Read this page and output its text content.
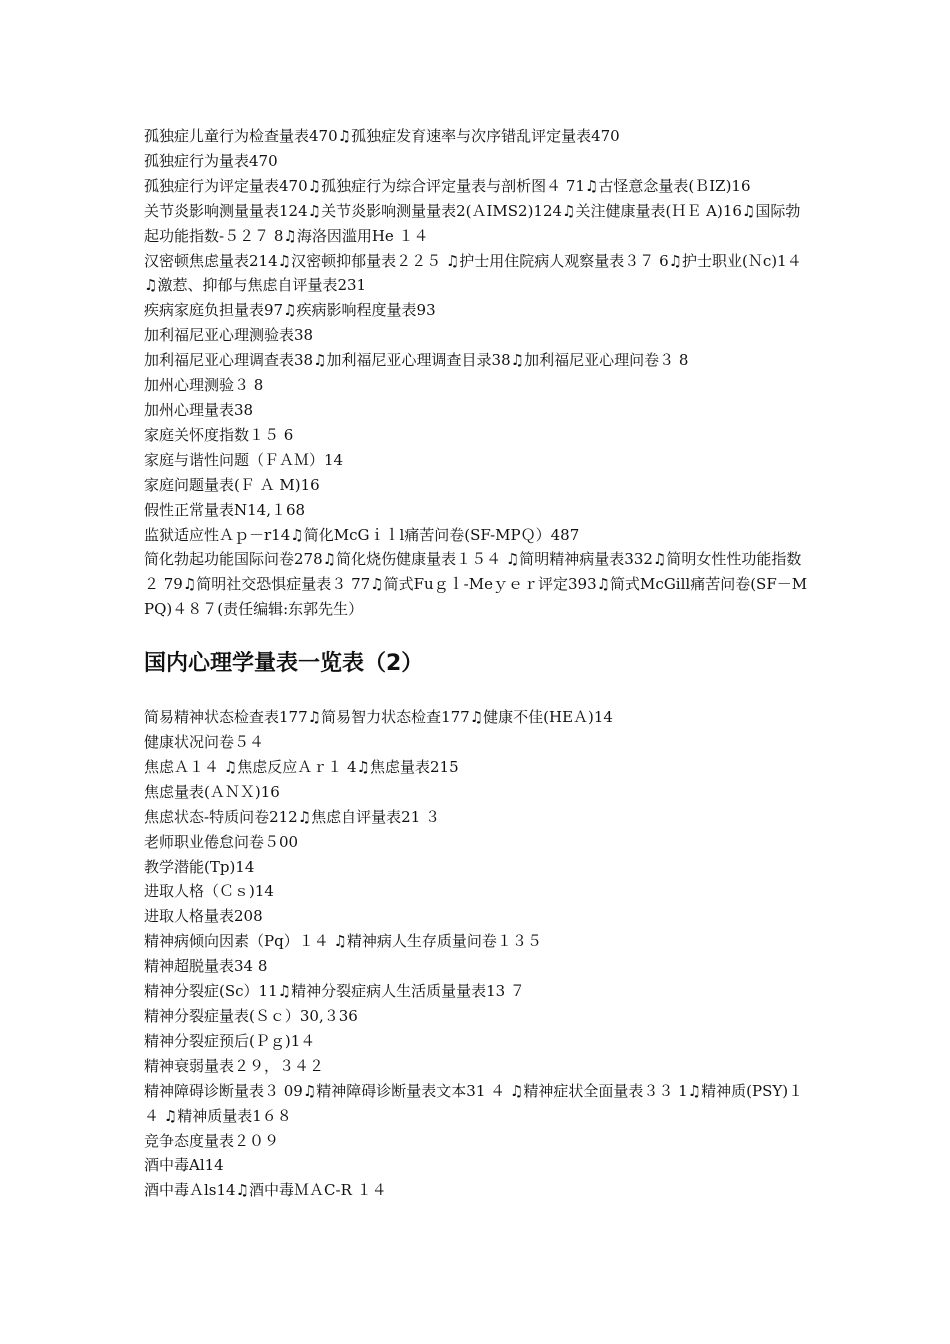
孤独症儿童行为检查量表470♫孤独症发育速率与次序错乱评定量表470

孤独症行为量表470

孤独症行为评定量表470♫孤独症行为综合评定量表与剖析图４ 71♫古怪意念量表(ＢIZ)16

关节炎影响测量量表124♫关节炎影响测量量表2(ＡIMS2)124♫关注健康量表(ＨＥ A)16♫国际勃起功能指数-５２７ 8♫海洛因滥用He １４

汉密顿焦虑量表214♫汉密顿抑郁量表２２５ ♫护士用住院病人观察量表３７ 6♫护士职业(Ｎc)1４ ♫激惹、抑郁与焦虑自评量表231

疾病家庭负担量表97♫疾病影响程度量表93

加利福尼亚心理测验表38

加利福尼亚心理调查表38♫加利福尼亚心理调查目录38♫加利福尼亚心理问卷３ 8

加州心理测验３ 8

加州心理量表38

家庭关怀度指数１５ 6

家庭与谐性问题（ＦＡＭ）14

家庭问题量表(Ｆ Ａ M)16

假性正常量表N14,１68

监狱适应性Ａｐ－r14♫简化McGｉｌl痛苦问卷(SF-MPＱ）487

简化勃起功能国际问卷278♫简化烧伤健康量表１５４ ♫简明精神病量表332♫简明女性性功能指数２ 79♫简明社交恐惧症量表３ 77♫简式Fuｇｌ-Meｙｅｒ评定393♫简式McGill痛苦问卷(SF－MPQ)４８７(责任编辑:东郭先生）

国内心理学量表一览表（2）

简易精神状态检查表177♫简易智力状态检查177♫健康不佳(HEＡ)14

健康状况问卷５４

焦虑Ａ１４ ♫焦虑反应Ａｒ１ 4♫焦虑量表215

焦虑量表(ＡＮＸ)16

焦虑状态-特质问卷212♫焦虑自评量表21 ３

老师职业倦怠问卷５00

教学潜能(Tp)14

进取人格（Ｃｓ)14

进取人格量表208

精神病倾向因素（Pq）１４ ♫精神病人生存质量问卷１３５

精神超脱量表34 8

精神分裂症(Sc）11♫精神分裂症病人生活质量量表13 ７

精神分裂症量表(Ｓｃ）30,３36

精神分裂症预后(Ｐｇ)1４

精神衰弱量表２９，３４２

精神障碍诊断量表３ 09♫精神障碍诊断量表文本31 ４ ♫精神症状全面量表３３ 1♫精神质(PSY)１４ ♫精神质量表1６８

竞争态度量表２０９

酒中毒Al14

酒中毒Ａls14♫酒中毒ＭＡC-R １４
